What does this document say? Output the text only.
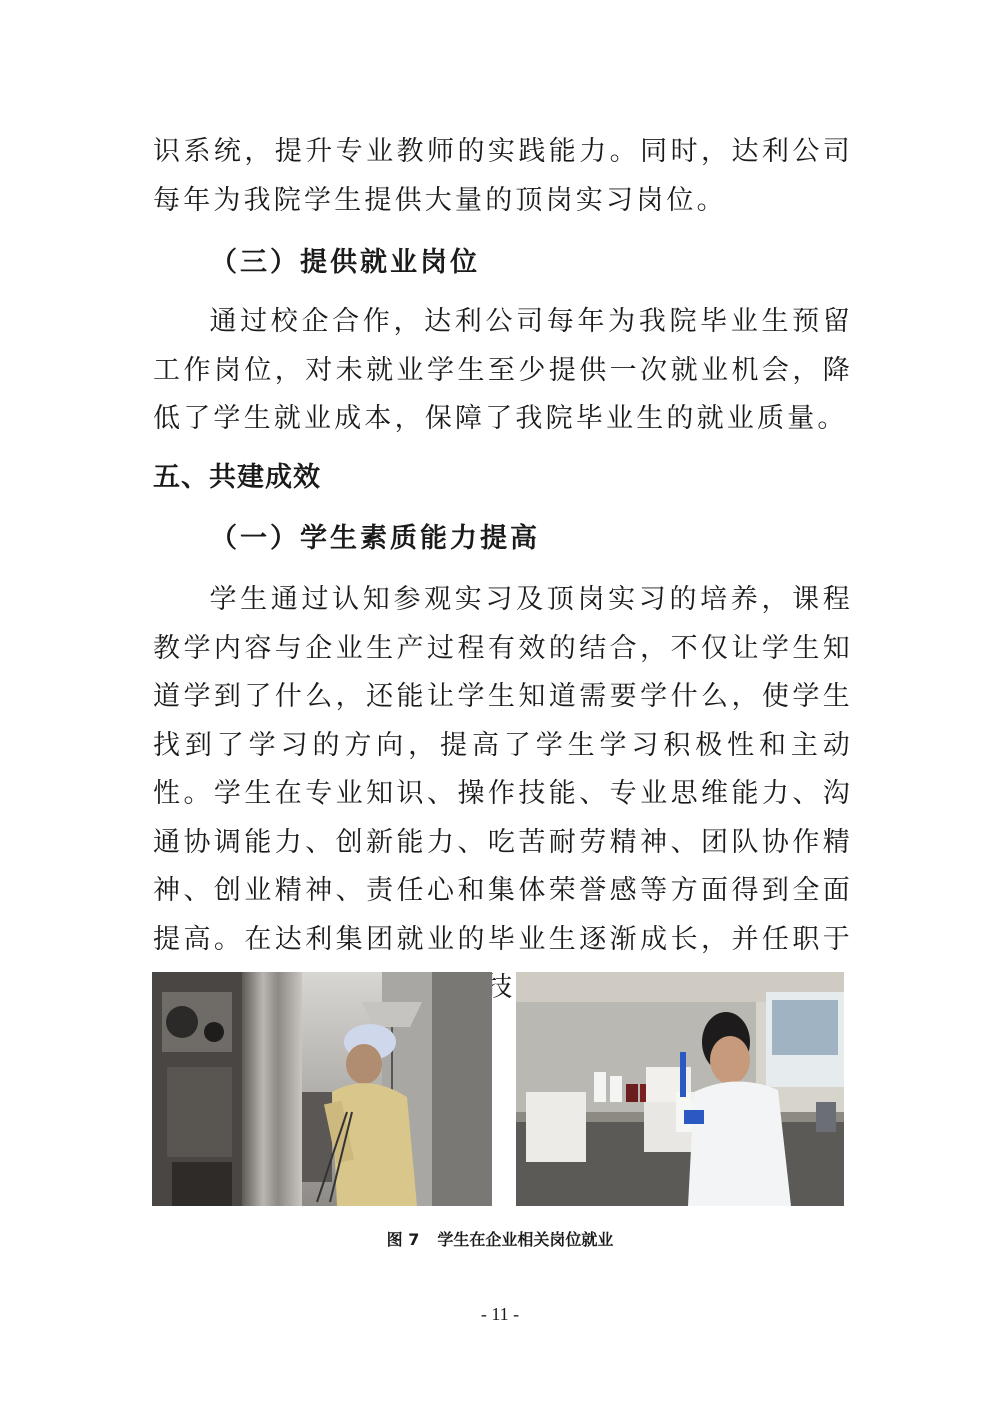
识系统，提升专业教师的实践能力。同时，达利公司每年为我院学生提供大量的顶岗实习岗位。

（三）提供就业岗位

通过校企合作，达利公司每年为我院毕业生预留工作岗位，对未就业学生至少提供一次就业机会，降低了学生就业成本，保障了我院毕业生的就业质量。

五、共建成效

（一）学生素质能力提高

学生通过认知参观实习及顶岗实习的培养，课程教学内容与企业生产过程有效的结合，不仅让学生知道学到了什么，还能让学生知道需要学什么，使学生找到了学习的方向，提高了学生学习积极性和主动性。学生在专业知识、操作技能、专业思维能力、沟通协调能力、创新能力、吃苦耐劳精神、团队协作精神、创业精神、责任心和集体荣誉感等方面得到全面提高。在达利集团就业的毕业生逐渐成长，并任职于 技

图 7 学生在企业相关岗位就业
- 11 -
